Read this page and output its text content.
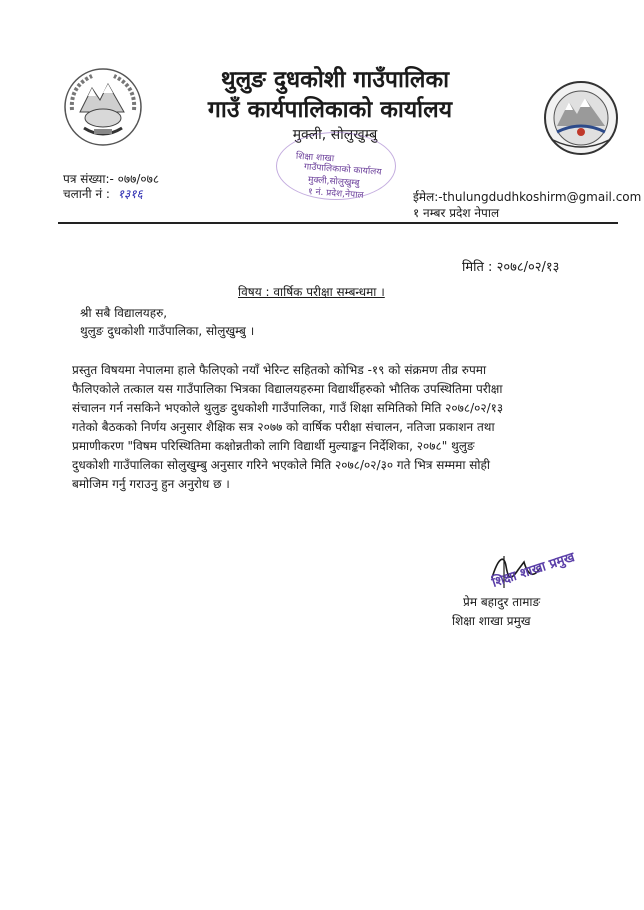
थुलुङ दुधकोशी गाउँपालिका
गाउँ कार्यपालिकाको कार्यालय
मुक्ली, सोलुखुम्बु
शिक्षा शाखा
गाउँपालिकाको कार्यालय
मुक्ली,सोलुखुम्बु
१ नं. प्रदेश,नेपाल
पत्र संख्या:- ०७७/०७८
चलानी नं : १३१६	ईमेल:-thulungdudhkoshirm@gmail.com
१ नम्बर प्रदेश नेपाल
मिति : २०७८/०२/१३
विषय : वार्षिक परीक्षा सम्बन्धमा ।
श्री सबै विद्यालयहरु,
थुलुङ दुधकोशी गाउँपालिका, सोलुखुम्बु ।
प्रस्तुत विषयमा नेपालमा हाले फैलिएको नयाँ भेरिन्ट सहितको कोभिड -१९ को संक्रमण तीव्र रुपमा
फैलिएकोले तत्काल यस गाउँपालिका भित्रका विद्यालयहरुमा विद्यार्थीहरुको भौतिक उपस्थितिमा परीक्षा
संचालन गर्न नसकिने भएकोले थुलुङ दुधकोशी गाउँपालिका, गाउँ शिक्षा समितिको मिति २०७८/०२/१३
गतेको बैठकको निर्णय अनुसार शैक्षिक सत्र २०७७ को वार्षिक परीक्षा संचालन, नतिजा प्रकाशन तथा
प्रमाणीकरण "विषम परिस्थितिमा कक्षोन्नतीको लागि विद्यार्थी मुल्याङ्कन निर्देशिका, २०७८" थुलुङ
दुधकोशी गाउँपालिका सोलुखुम्बु अनुसार गरिने भएकोले मिति २०७८/०२/३० गते भित्र सम्ममा सोही
बमोजिम गर्नु गराउनु हुन अनुरोध छ ।
शिक्षा शाखा प्रमुख
प्रेम बहादुर तामाङ
शिक्षा शाखा प्रमुख
